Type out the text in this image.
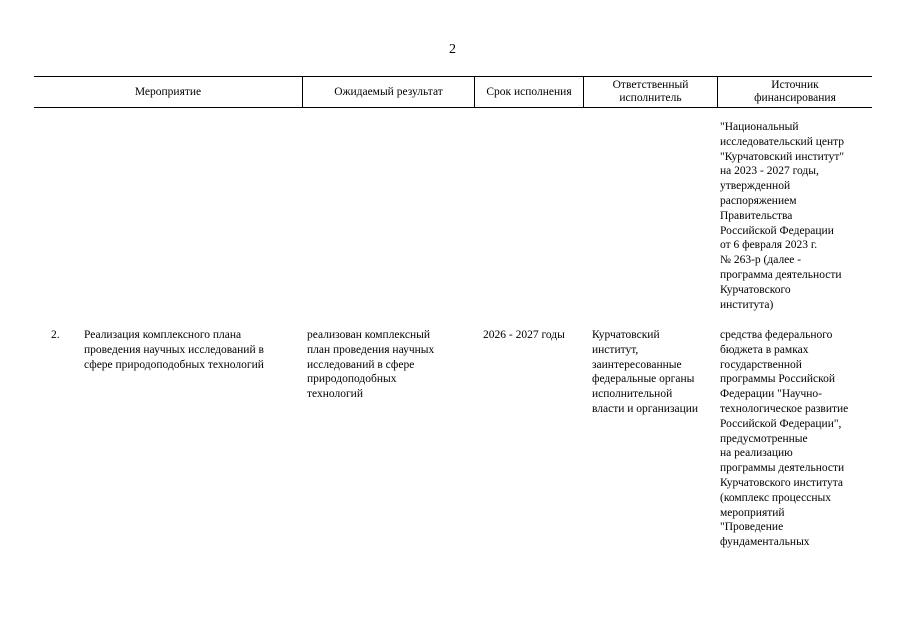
2
Мероприятие	Ожидаемый результат	Срок исполнения
Ответственный
исполнитель
Источник
финансирования
"Национальный
исследовательский центр
"Курчатовский институт"
на 2023 - 2027 годы,
утвержденной
распоряжением
Правительства
Российской Федерации
от 6 февраля 2023 г.
№ 263-р (далее -
программа деятельности
Курчатовского
института)
2. Реализация комплексного плана
проведения научных исследований в
сфере природоподобных технологий
реализован комплексный
план проведения научных
исследований в сфере
природоподобных
технологий
2026 - 2027 годы Курчатовский
институт,
заинтересованные
федеральные органы
исполнительной
власти и организации
средства федерального
бюджета в рамках
государственной
программы Российской
Федерации "Научно-
технологическое развитие
Российской Федерации",
предусмотренные
на реализацию
программы деятельности
Курчатовского института
(комплекс процессных
мероприятий
"Проведение
фундаментальных
